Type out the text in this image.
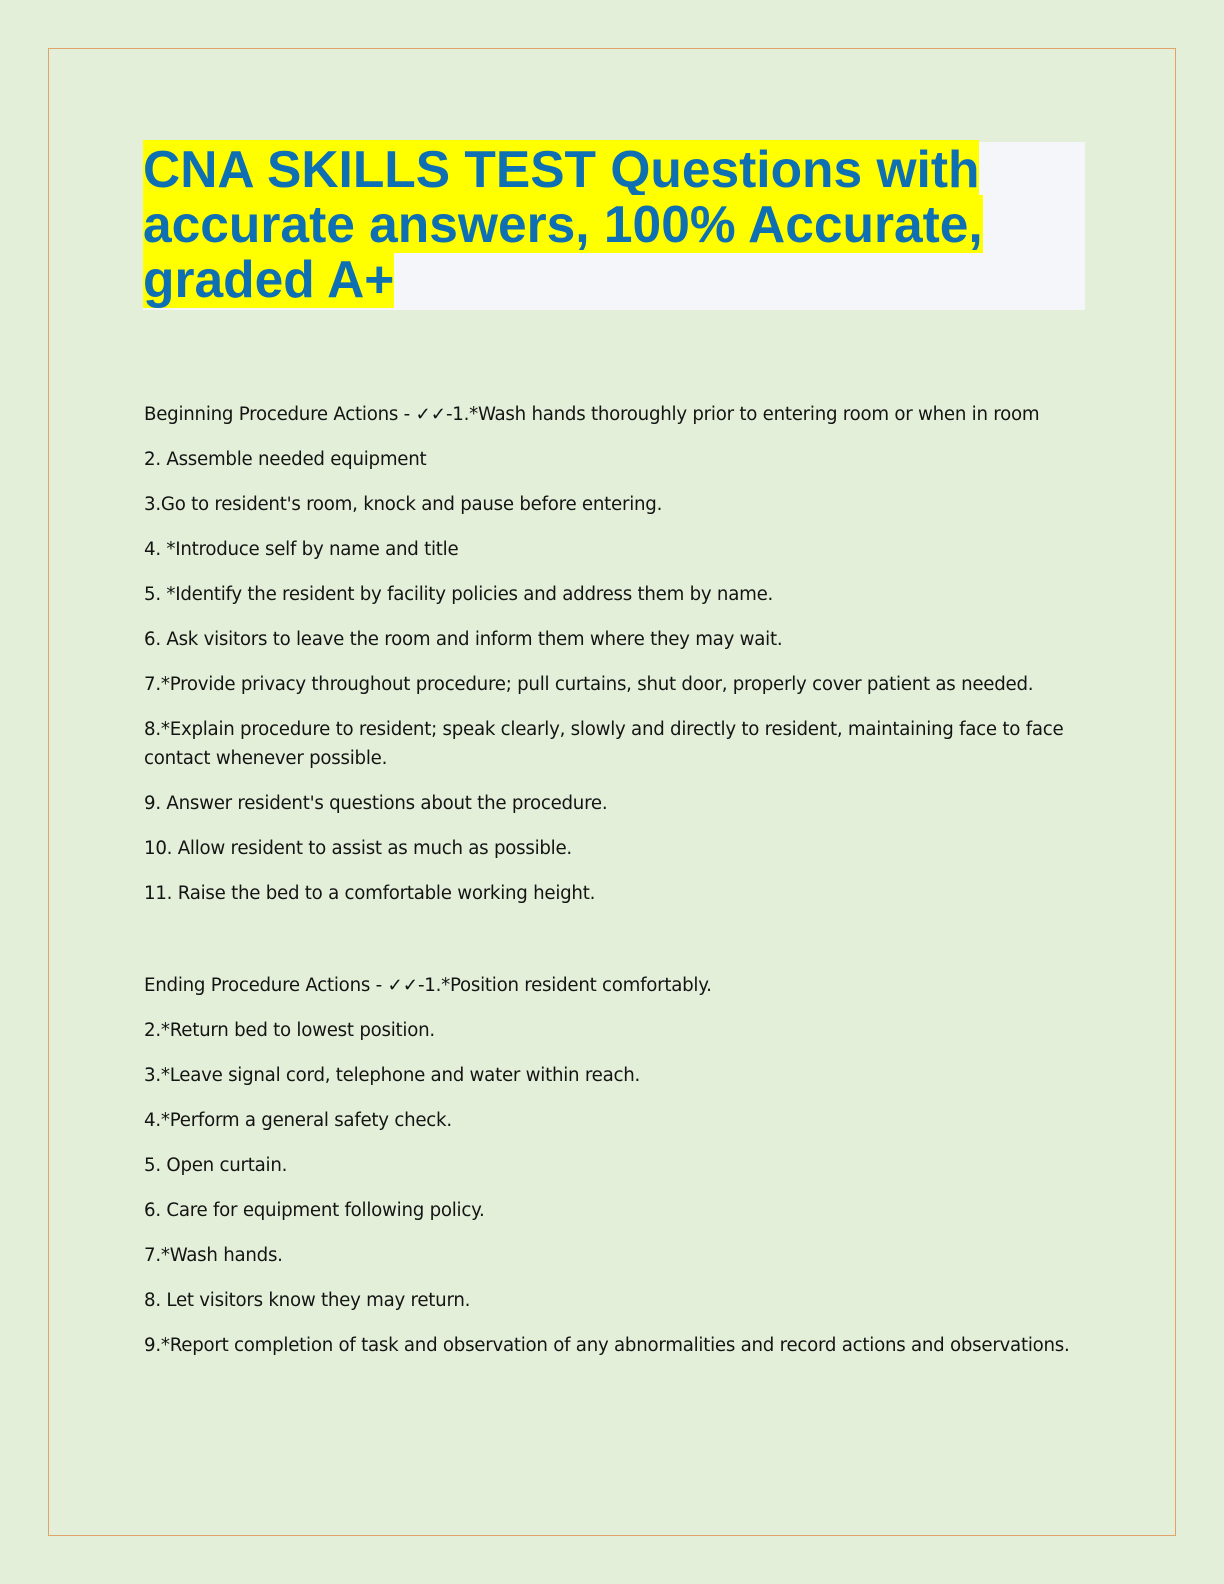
CNA SKILLS TEST Questions with accurate answers, 100% Accurate, graded A+

Beginning Procedure Actions - ✓✓-1.*Wash hands thoroughly prior to entering room or when in room

2. Assemble needed equipment

3.Go to resident's room, knock and pause before entering.

4. *Introduce self by name and title

5. *Identify the resident by facility policies and address them by name.

6. Ask visitors to leave the room and inform them where they may wait.

7.*Provide privacy throughout procedure; pull curtains, shut door, properly cover patient as needed.

8.*Explain procedure to resident; speak clearly, slowly and directly to resident, maintaining face to face contact whenever possible.

9. Answer resident's questions about the procedure.

10. Allow resident to assist as much as possible.

11. Raise the bed to a comfortable working height.

Ending Procedure Actions - ✓✓-1.*Position resident comfortably.

2.*Return bed to lowest position.

3.*Leave signal cord, telephone and water within reach.

4.*Perform a general safety check.

5. Open curtain.

6. Care for equipment following policy.

7.*Wash hands.

8. Let visitors know they may return.

9.*Report completion of task and observation of any abnormalities and record actions and observations.
